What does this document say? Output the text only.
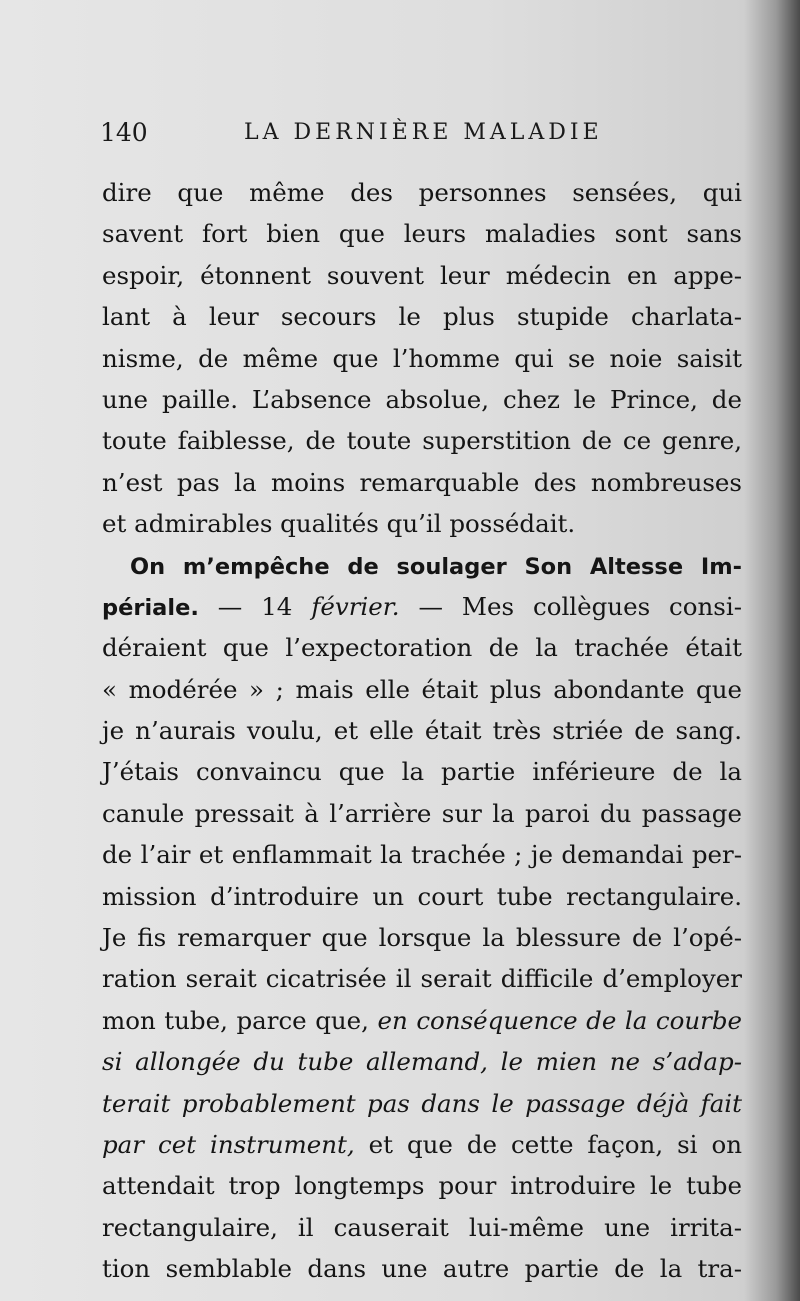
140	LA DERNIÈRE MALADIE
dire que même des personnes sensées, qui
savent fort bien que leurs maladies sont sans
espoir, étonnent souvent leur médecin en appe-
lant à leur secours le plus stupide charlata-
nisme, de même que l’homme qui se noie saisit
une paille. L’absence absolue, chez le Prince, de
toute faiblesse, de toute superstition de ce genre,
n’est pas la moins remarquable des nombreuses
et admirables qualités qu’il possédait.
On m’empêche de soulager Son Altesse Im-
périale. — 14 février. — Mes collègues consi-
déraient que l’expectoration de la trachée était
« modérée » ; mais elle était plus abondante que
je n’aurais voulu, et elle était très striée de sang.
J’étais convaincu que la partie inférieure de la
canule pressait à l’arrière sur la paroi du passage
de l’air et enflammait la trachée ; je demandai per-
mission d’introduire un court tube rectangulaire.
Je fis remarquer que lorsque la blessure de l’opé-
ration serait cicatrisée il serait difficile d’employer
mon tube, parce que, en conséquence de la courbe
si allongée du tube allemand, le mien ne s’adap-
terait probablement pas dans le passage déjà fait
par cet instrument, et que de cette façon, si on
attendait trop longtemps pour introduire le tube
rectangulaire, il causerait lui-même une irrita-
tion semblable dans une autre partie de la tra-
